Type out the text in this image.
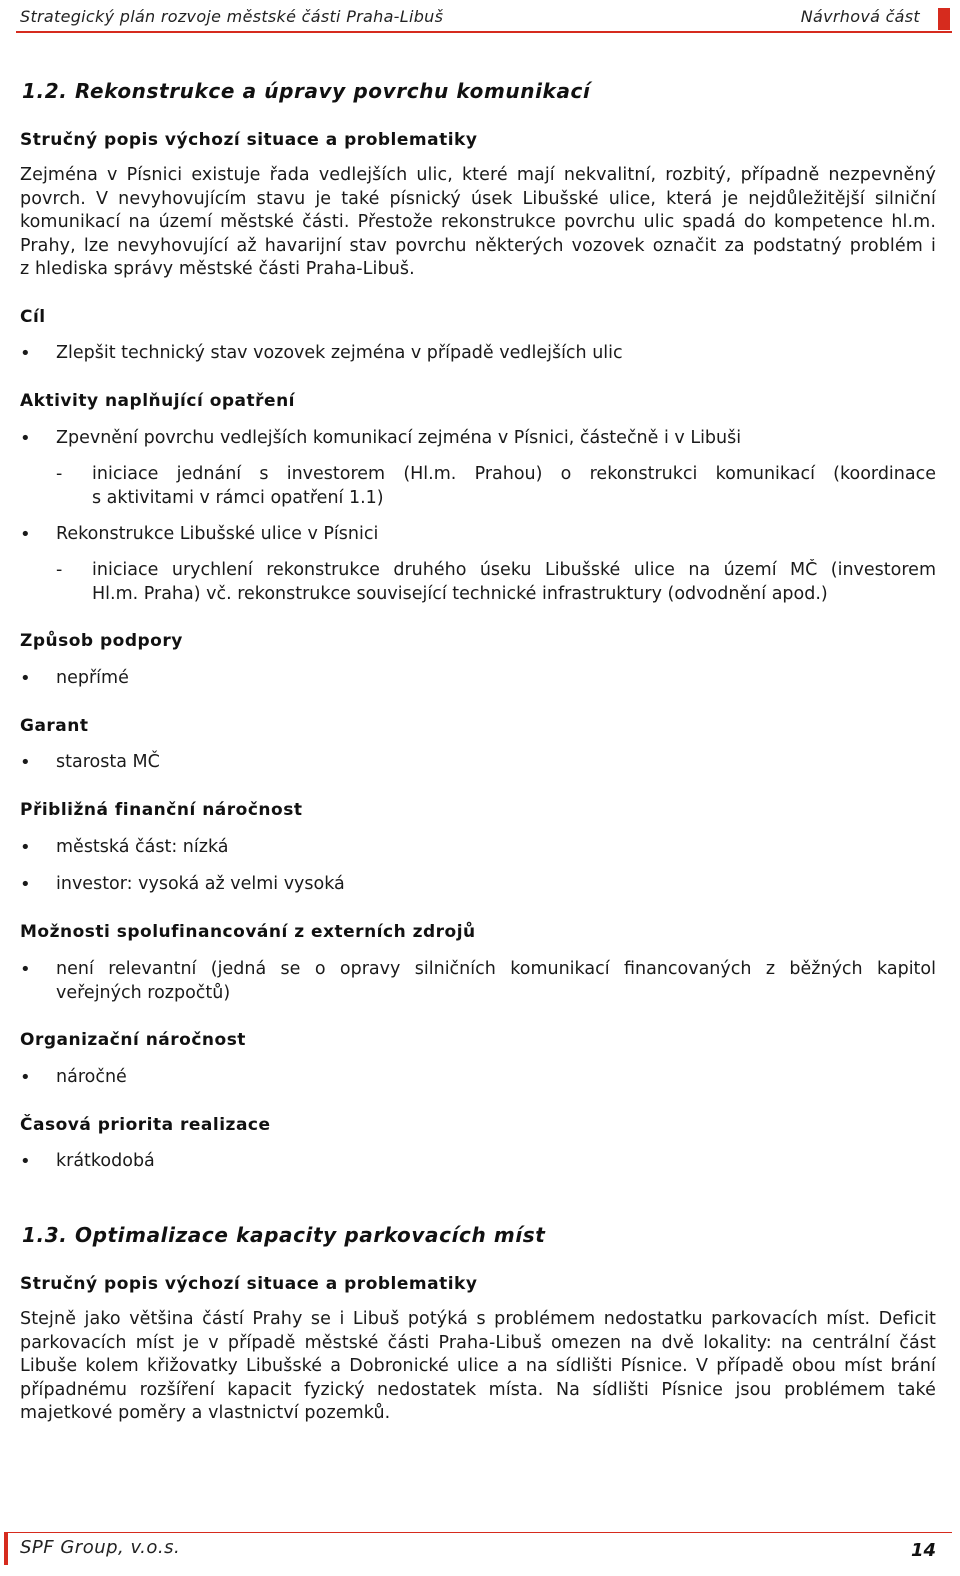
Strategický plán rozvoje městské části Praha-Libuš	Návrhová část
1.2. Rekonstrukce a úpravy povrchu komunikací
Stručný popis výchozí situace a problematiky
Zejména v Písnici existuje řada vedlejších ulic, které mají nekvalitní, rozbitý, případně nezpevněný
povrch. V nevyhovujícím stavu je také písnický úsek Libušské ulice, která je nejdůležitější silniční
komunikací na území městské části. Přestože rekonstrukce povrchu ulic spadá do kompetence hl.m.
Prahy, lze nevyhovující až havarijní stav povrchu některých vozovek označit za podstatný problém i
z hlediska správy městské části Praha-Libuš.
Cíl
• Zlepšit technický stav vozovek zejména v případě vedlejších ulic
Aktivity naplňující opatření
• Zpevnění povrchu vedlejších komunikací zejména v Písnici, částečně i v Libuši
- iniciace jednání s investorem (Hl.m. Prahou) o rekonstrukci komunikací (koordinace
s aktivitami v rámci opatření 1.1)
• Rekonstrukce Libušské ulice v Písnici
- iniciace urychlení rekonstrukce druhého úseku Libušské ulice na území MČ (investorem
Hl.m. Praha) vč. rekonstrukce související technické infrastruktury (odvodnění apod.)
Způsob podpory
• nepřímé
Garant
• starosta MČ
Přibližná finanční náročnost
• městská část: nízká
• investor: vysoká až velmi vysoká
Možnosti spolufinancování z externích zdrojů
• není relevantní (jedná se o opravy silničních komunikací financovaných z běžných kapitol
veřejných rozpočtů)
Organizační náročnost
• náročné
Časová priorita realizace
• krátkodobá
1.3. Optimalizace kapacity parkovacích míst
Stručný popis výchozí situace a problematiky
Stejně jako většina částí Prahy se i Libuš potýká s problémem nedostatku parkovacích míst. Deficit
parkovacích míst je v případě městské části Praha-Libuš omezen na dvě lokality: na centrální část
Libuše kolem křižovatky Libušské a Dobronické ulice a na sídlišti Písnice. V případě obou míst brání
případnému rozšíření kapacit fyzický nedostatek místa. Na sídlišti Písnice jsou problémem také
majetkové poměry a vlastnictví pozemků.
SPF Group, v.o.s.	14
